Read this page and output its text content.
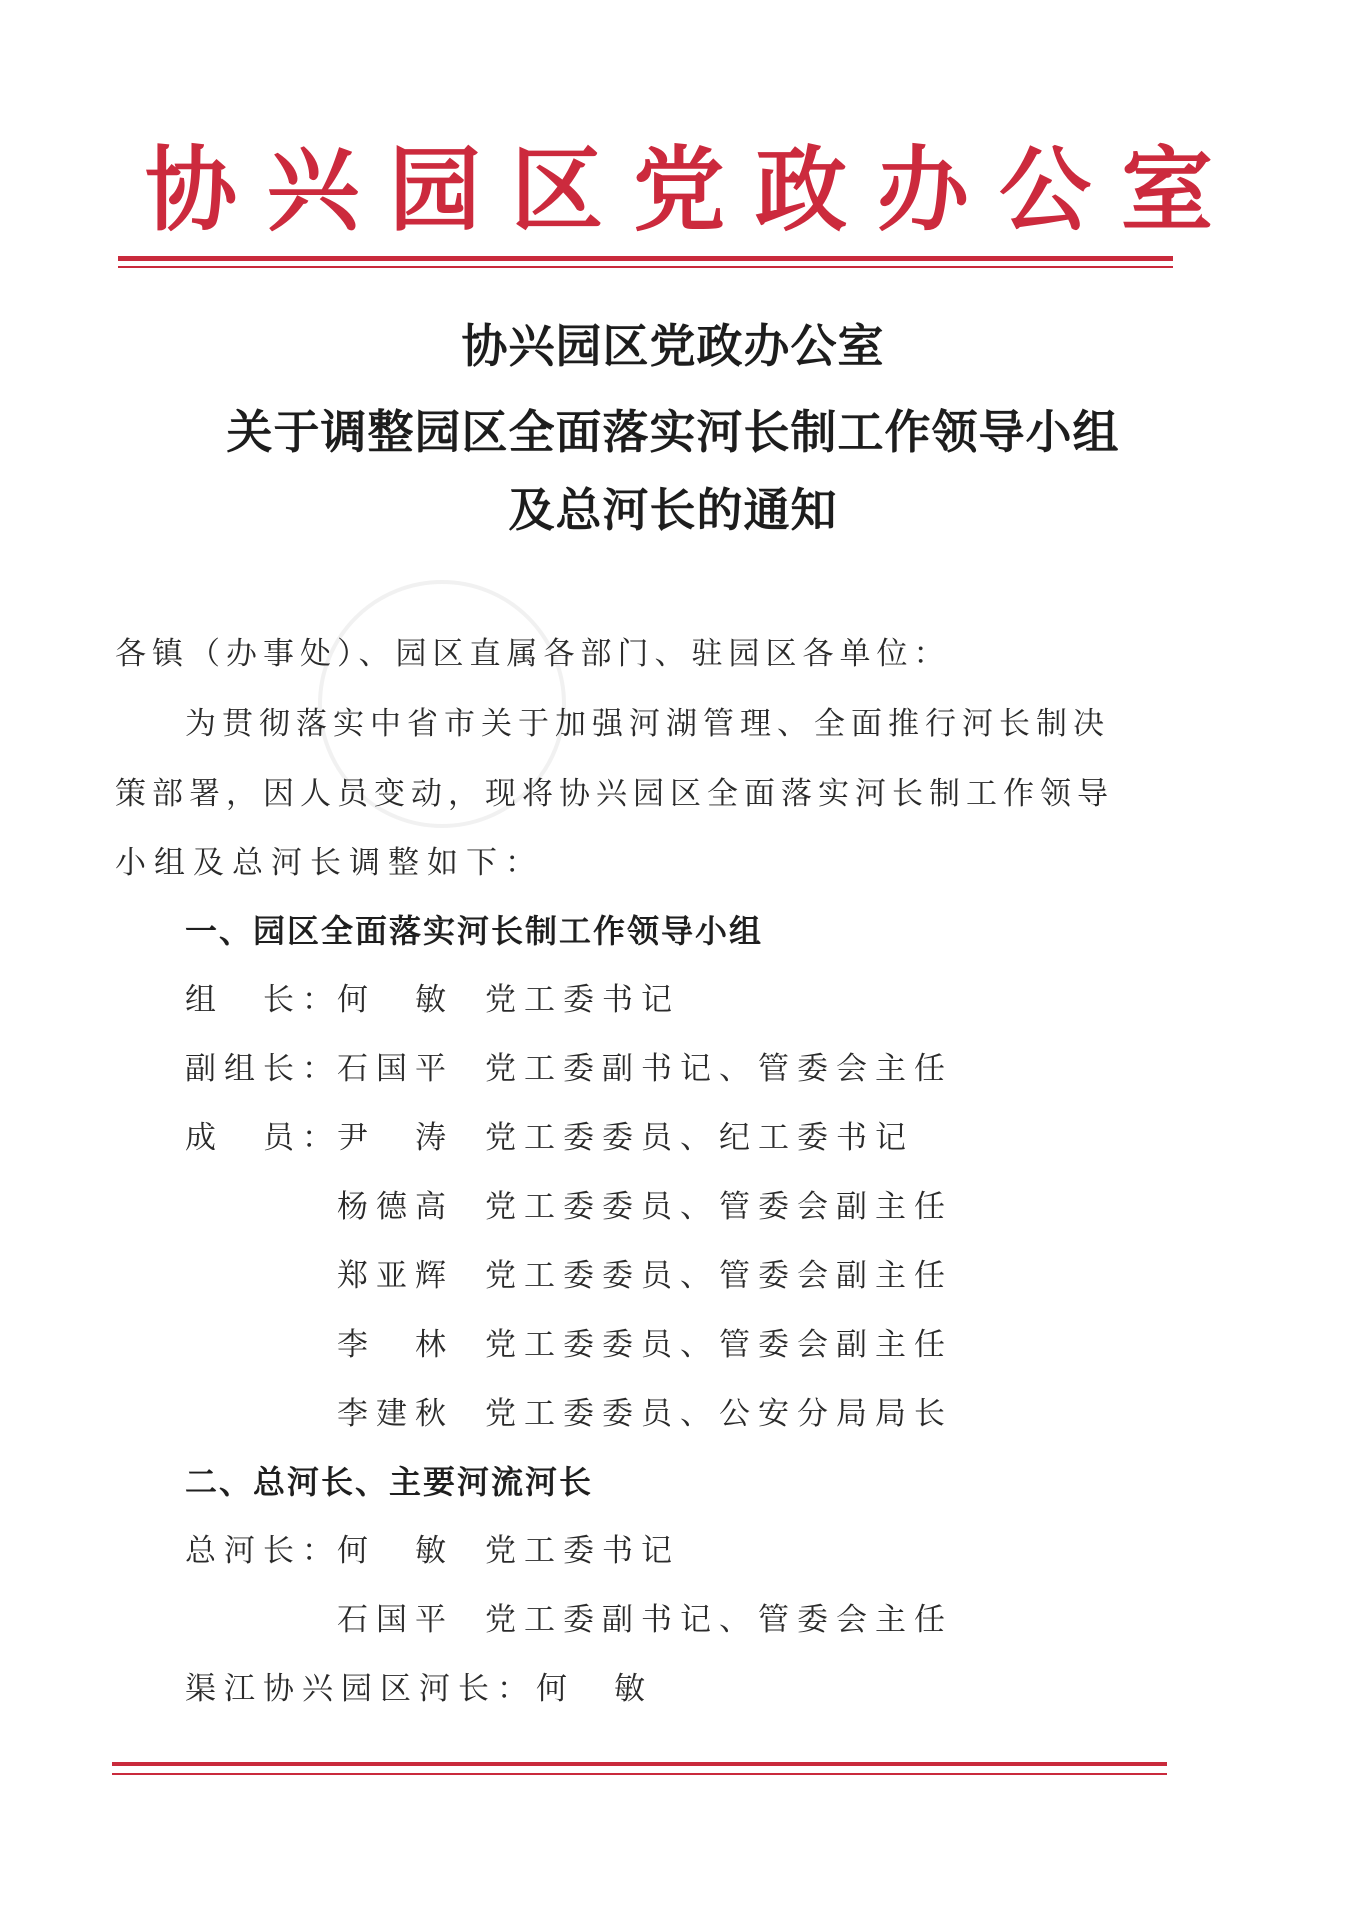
协兴园区党政办公室
协兴园区党政办公室
关于调整园区全面落实河长制工作领导小组
及总河长的通知
各镇（办事处）、园区直属各部门、驻园区各单位：
为贯彻落实中省市关于加强河湖管理、全面推行河长制决
策部署，因人员变动，现将协兴园区全面落实河长制工作领导
小组及总河长调整如下：
一、园区全面落实河长制工作领导小组
组　长：
何　敏 党工委书记
副组长：
石国平 党工委副书记、管委会主任
成　员：
尹　涛 党工委委员、纪工委书记
杨德高 党工委委员、管委会副主任
郑亚辉 党工委委员、管委会副主任
李　林 党工委委员、管委会副主任
李建秋 党工委委员、公安分局局长
二、总河长、主要河流河长
总河长：
何　敏 党工委书记
石国平 党工委副书记、管委会主任
渠江协兴园区河长：何　敏
